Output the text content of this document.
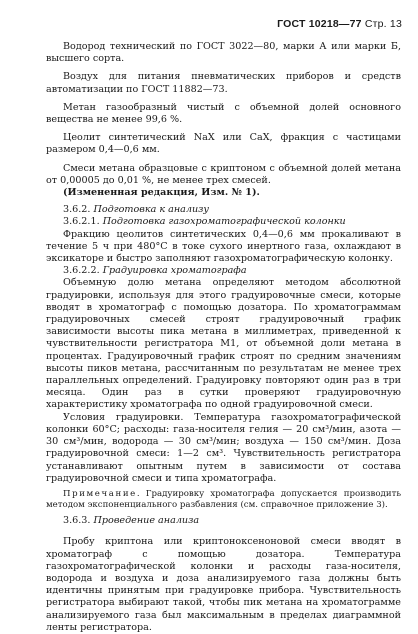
ГОСТ 10218—77 Стр. 13

Водород технический по ГОСТ 3022—80, марки А или марки Б, высшего сорта.

Воздух для питания пневматических приборов и средств автоматизации по ГОСТ 11882—73.

Метан газообразный чистый с объемной долей основного вещества не менее 99,6 %.

Цеолит синтетический NaX или CaX, фракция с частицами размером 0,4—0,6 мм.

Смеси метана образцовые с криптоном с объемной долей метана от 0,00005 до 0,01 %, не менее трех смесей.

(Измененная редакция, Изм. № 1).

3.6.2. Подготовка к анализу

3.6.2.1. Подготовка газохроматографической колонки

Фракцию цеолитов синтетических 0,4—0,6 мм прокаливают в течение 5 ч при 480°С в токе сухого инертного газа, охлаждают в эксикаторе и быстро заполняют газохроматографическую колонку.

3.6.2.2. Градуировка хроматографа

Объемную долю метана определяют методом абсолютной градуировки, используя для этого градуировочные смеси, которые вводят в хроматограф с помощью дозатора. По хроматограммам градуировочных смесей строят градуировочный график зависимости высоты пика метана в миллиметрах, приведенной к чувствительности регистратора М1, от объемной доли метана в процентах. Градуировочный график строят по средним значениям высоты пиков метана, рассчитанным по результатам не менее трех параллельных определений. Градуировку повторяют один раз в три месяца. Один раз в сутки проверяют градуировочную характеристику хроматографа по одной градуировочной смеси.

Условия градуировки. Температура газохроматографической колонки 60°С; расходы: газа-носителя гелия — 20 см³/мин, азота — 30 см³/мин, водорода — 30 см³/мин; воздуха — 150 см³/мин. Доза градуировочной смеси: 1—2 см³. Чувствительность регистратора устанавливают опытным путем в зависимости от состава градуировочной смеси и типа хроматографа.

Примечание. Градуировку хроматографа допускается производить методом экспоненциального разбавления (см. справочное приложение 3).

3.6.3. Проведение анализа

Пробу криптона или криптоноксеноновой смеси вводят в хроматограф с помощью дозатора. Температура газохроматографической колонки и расходы газа-носителя, водорода и воздуха и доза анализируемого газа должны быть идентичны принятым при градуировке прибора. Чувствительность регистратора выбирают такой, чтобы пик метана на хроматограмме анализируемого газа был максимальным в пределах диаграммной ленты регистратора.
